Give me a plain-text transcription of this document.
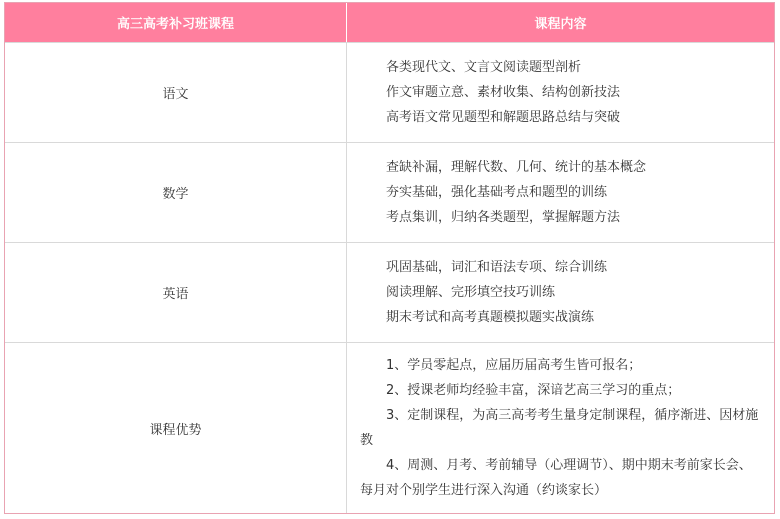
高三高考补习班课程	课程内容
语文
各类现代文、文言文阅读题型剖析
作文审题立意、素材收集、结构创新技法
高考语文常见题型和解题思路总结与突破
数学
查缺补漏，理解代数、几何、统计的基本概念
夯实基础，强化基础考点和题型的训练
考点集训，归纳各类题型，掌握解题方法
英语
巩固基础，词汇和语法专项、综合训练
阅读理解、完形填空技巧训练
期末考试和高考真题模拟题实战演练
课程优势
1、学员零起点，应届历届高考生皆可报名；
2、授课老师均经验丰富，深谙艺高三学习的重点；
3、定制课程，为高三高考考生量身定制课程，循序渐进、因材施教
4、周测、月考、考前辅导（心理调节）、期中期末考前家长会、每月对个别学生进行深入沟通（约谈家长）
